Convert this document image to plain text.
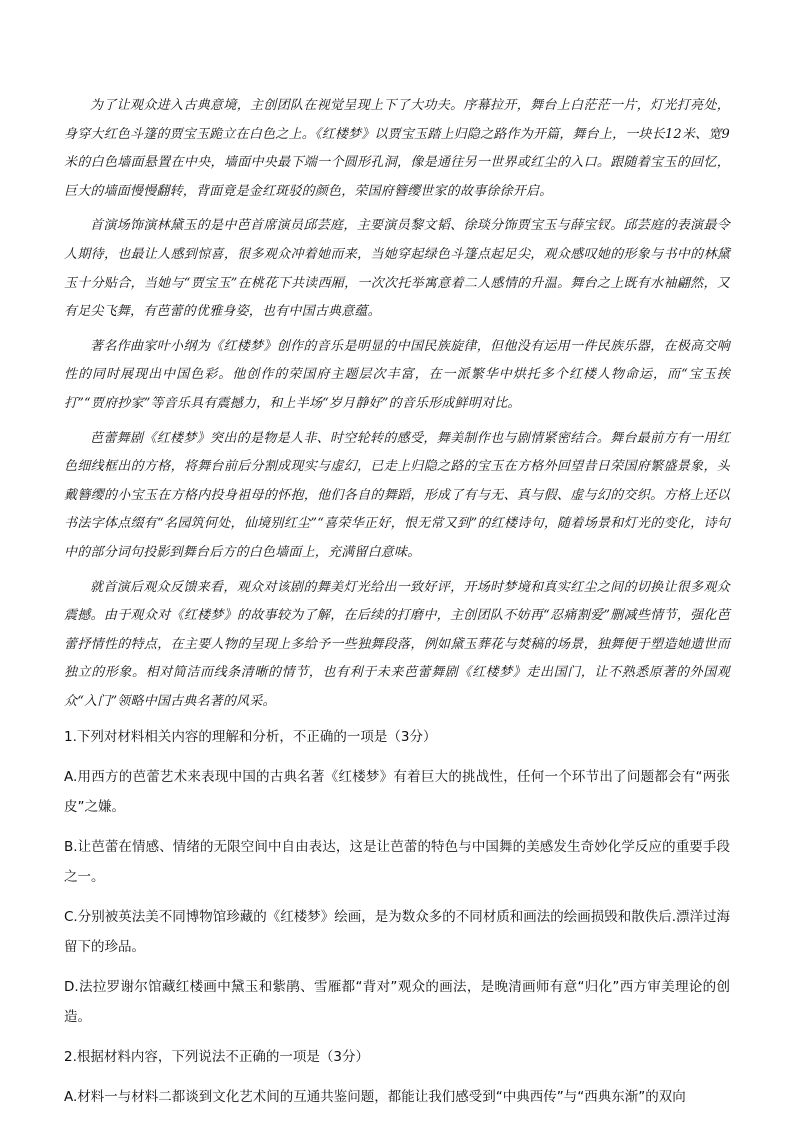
为了让观众进入古典意境，主创团队在视觉呈现上下了大功夫。序幕拉开，舞台上白茫茫一片，灯光打亮处，身穿大红色斗篷的贾宝玉跪立在白色之上。《红楼梦》以贾宝玉踏上归隐之路作为开篇，舞台上，一块长12米、宽9米的白色墙面悬置在中央，墙面中央最下端一个圆形孔洞，像是通往另一世界或红尘的入口。跟随着宝玉的回忆，巨大的墙面慢慢翻转，背面竟是金红斑驳的颜色，荣国府簪缨世家的故事徐徐开启。

首演场饰演林黛玉的是中芭首席演员邱芸庭，主要演员黎文韬、徐琰分饰贾宝玉与薛宝钗。邱芸庭的表演最令人期待，也最让人感到惊喜，很多观众冲着她而来，当她穿起绿色斗篷点起足尖，观众感叹她的形象与书中的林黛玉十分贴合，当她与“贾宝玉”在桃花下共读西厢，一次次托举寓意着二人感情的升温。舞台之上既有水袖翩然，又有足尖飞舞，有芭蕾的优雅身姿，也有中国古典意蕴。

著名作曲家叶小纲为《红楼梦》创作的音乐是明显的中国民族旋律，但他没有运用一件民族乐器，在极高交响性的同时展现出中国色彩。他创作的荣国府主题层次丰富，在一派繁华中烘托多个红楼人物命运，而“宝玉挨打”“贾府抄家”等音乐具有震撼力，和上半场“岁月静好”的音乐形成鲜明对比。

芭蕾舞剧《红楼梦》突出的是物是人非、时空轮转的感受，舞美制作也与剧情紧密结合。舞台最前方有一用红色细线框出的方格，将舞台前后分割成现实与虚幻，已走上归隐之路的宝玉在方格外回望昔日荣国府繁盛景象，头戴簪缨的小宝玉在方格内投身祖母的怀抱，他们各自的舞蹈，形成了有与无、真与假、虚与幻的交织。方格上还以书法字体点缀有“名园筑何处，仙境别红尘”“喜荣华正好，恨无常又到”的红楼诗句，随着场景和灯光的变化，诗句中的部分词句投影到舞台后方的白色墙面上，充满留白意味。

就首演后观众反馈来看，观众对该剧的舞美灯光给出一致好评，开场时梦境和真实红尘之间的切换让很多观众震撼。由于观众对《红楼梦》的故事较为了解，在后续的打磨中，主创团队不妨再“忍痛割爱”删减些情节，强化芭蕾抒情性的特点，在主要人物的呈现上多给予一些独舞段落，例如黛玉葬花与焚稿的场景，独舞便于塑造她遗世而独立的形象。相对简洁而线条清晰的情节，也有利于未来芭蕾舞剧《红楼梦》走出国门，让不熟悉原著的外国观众“入门”领略中国古典名著的风采。

1.下列对材料相关内容的理解和分析，不正确的一项是（3分）

A.用西方的芭蕾艺术来表现中国的古典名著《红楼梦》有着巨大的挑战性，任何一个环节出了问题都会有“两张皮”之嫌。

B.让芭蕾在情感、情绪的无限空间中自由表达，这是让芭蕾的特色与中国舞的美感发生奇妙化学反应的重要手段之一。

C.分别被英法美不同博物馆珍藏的《红楼梦》绘画，是为数众多的不同材质和画法的绘画损毁和散佚后.漂洋过海留下的珍品。

D.法拉罗谢尔馆藏红楼画中黛玉和紫鹃、雪雁都“背对”观众的画法，是晚清画师有意“归化”西方审美理论的创造。

2.根据材料内容，下列说法不正确的一项是（3分）

A.材料一与材料二都谈到文化艺术间的互通共鉴问题，都能让我们感受到“中典西传”与“西典东渐”的双向
